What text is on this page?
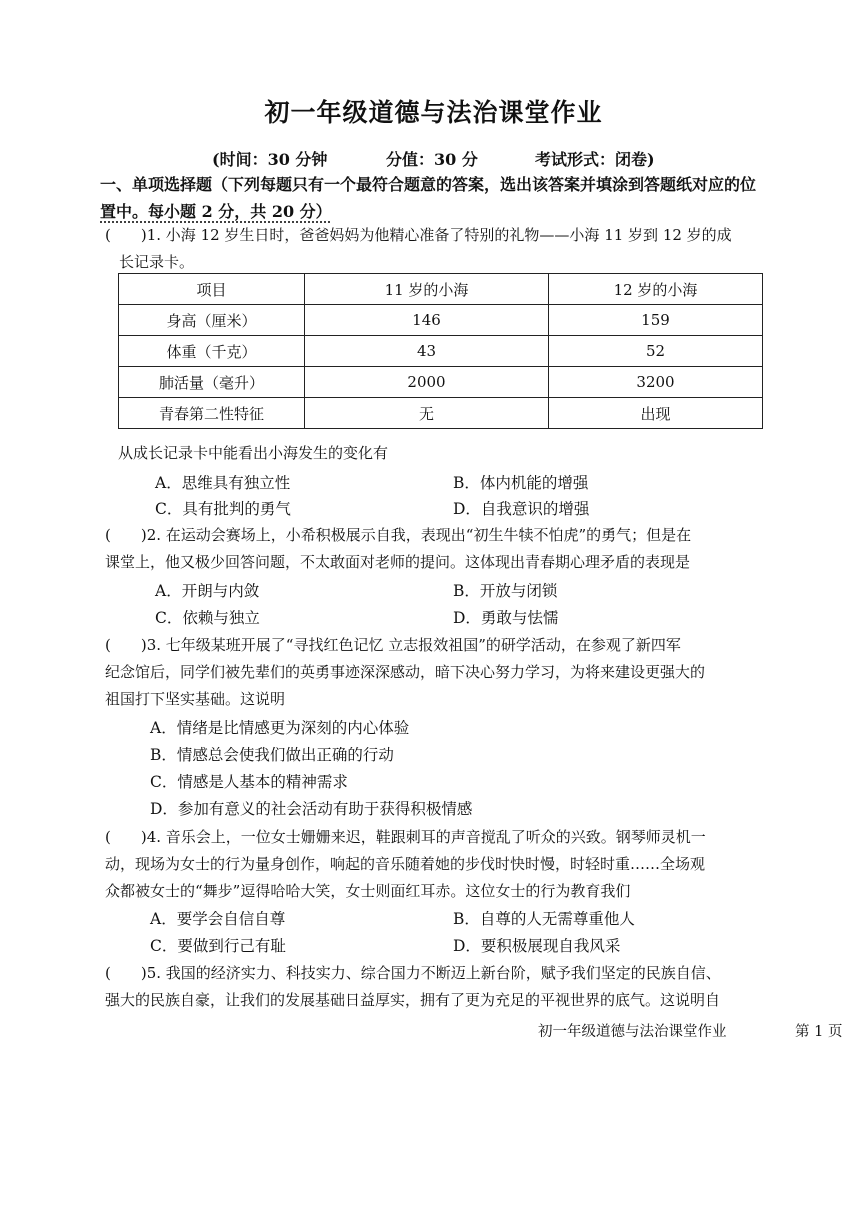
初一年级道德与法治课堂作业
(时间：30 分钟	分值：30 分	考试形式：闭卷)
一、单项选择题（下列每题只有一个最符合题意的答案，选出该答案并填涂到答题纸对应的位
置中。每小题 2 分，共 20 分）
(　　)1. 小海 12 岁生日时，爸爸妈妈为他精心准备了特别的礼物——小海 11 岁到 12 岁的成
长记录卡。
项目	11 岁的小海	12 岁的小海
身高（厘米）	146	159
体重（千克）	43	52
肺活量（毫升）	2000	3200
青春第二性特征	无	出现
从成长记录卡中能看出小海发生的变化有
A．思维具有独立性	B．体内机能的增强
C．具有批判的勇气	D．自我意识的增强
(　　)2. 在运动会赛场上，小希积极展示自我，表现出“初生牛犊不怕虎”的勇气；但是在
课堂上，他又极少回答问题，不太敢面对老师的提问。这体现出青春期心理矛盾的表现是
A．开朗与内敛	B．开放与闭锁
C．依赖与独立	D．勇敢与怯懦
(　　)3. 七年级某班开展了“寻找红色记忆 立志报效祖国”的研学活动，在参观了新四军
纪念馆后，同学们被先辈们的英勇事迹深深感动，暗下决心努力学习，为将来建设更强大的
祖国打下坚实基础。这说明
A．情绪是比情感更为深刻的内心体验
B．情感总会使我们做出正确的行动
C．情感是人基本的精神需求
D．参加有意义的社会活动有助于获得积极情感
(　　)4. 音乐会上，一位女士姗姗来迟，鞋跟刺耳的声音搅乱了听众的兴致。钢琴师灵机一
动，现场为女士的行为量身创作，响起的音乐随着她的步伐时快时慢，时轻时重……全场观
众都被女士的“舞步”逗得哈哈大笑，女士则面红耳赤。这位女士的行为教育我们
A．要学会自信自尊	B．自尊的人无需尊重他人
C．要做到行己有耻	D．要积极展现自我风采
(　　)5. 我国的经济实力、科技实力、综合国力不断迈上新台阶，赋予我们坚定的民族自信、
强大的民族自豪，让我们的发展基础日益厚实，拥有了更为充足的平视世界的底气。这说明自
初一年级道德与法治课堂作业	第 1 页
